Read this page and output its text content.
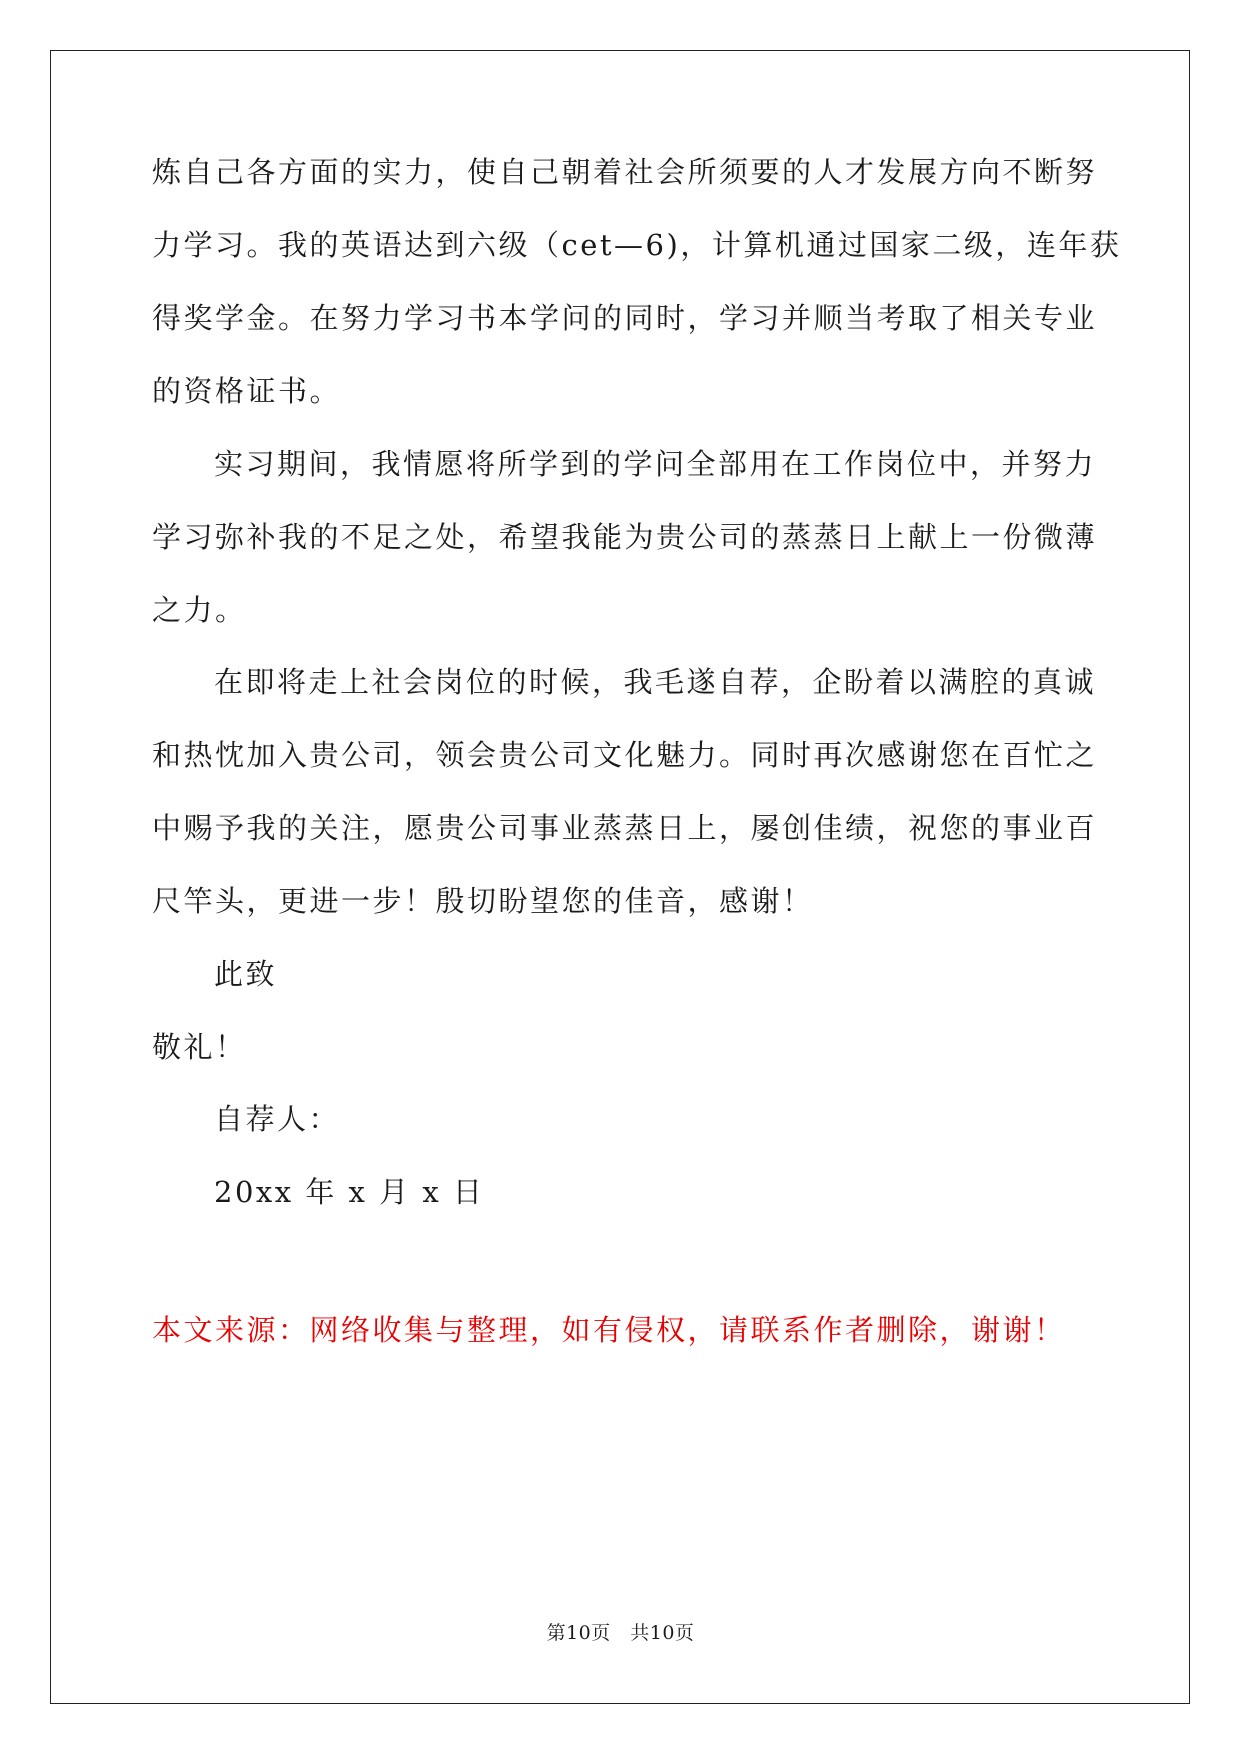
炼自己各方面的实力，使自己朝着社会所须要的人才发展方向不断努
力学习。我的英语达到六级（cet—6)，计算机通过国家二级，连年获
得奖学金。在努力学习书本学问的同时，学习并顺当考取了相关专业
的资格证书。
实习期间，我情愿将所学到的学问全部用在工作岗位中，并努力
学习弥补我的不足之处，希望我能为贵公司的蒸蒸日上献上一份微薄
之力。
在即将走上社会岗位的时候，我毛遂自荐，企盼着以满腔的真诚
和热忱加入贵公司，领会贵公司文化魅力。同时再次感谢您在百忙之
中赐予我的关注，愿贵公司事业蒸蒸日上，屡创佳绩，祝您的事业百
尺竿头，更进一步！殷切盼望您的佳音，感谢！
此致
敬礼！
自荐人：
20xx 年 x 月 x 日
本文来源：网络收集与整理，如有侵权，请联系作者删除，谢谢！
第10页　共10页
